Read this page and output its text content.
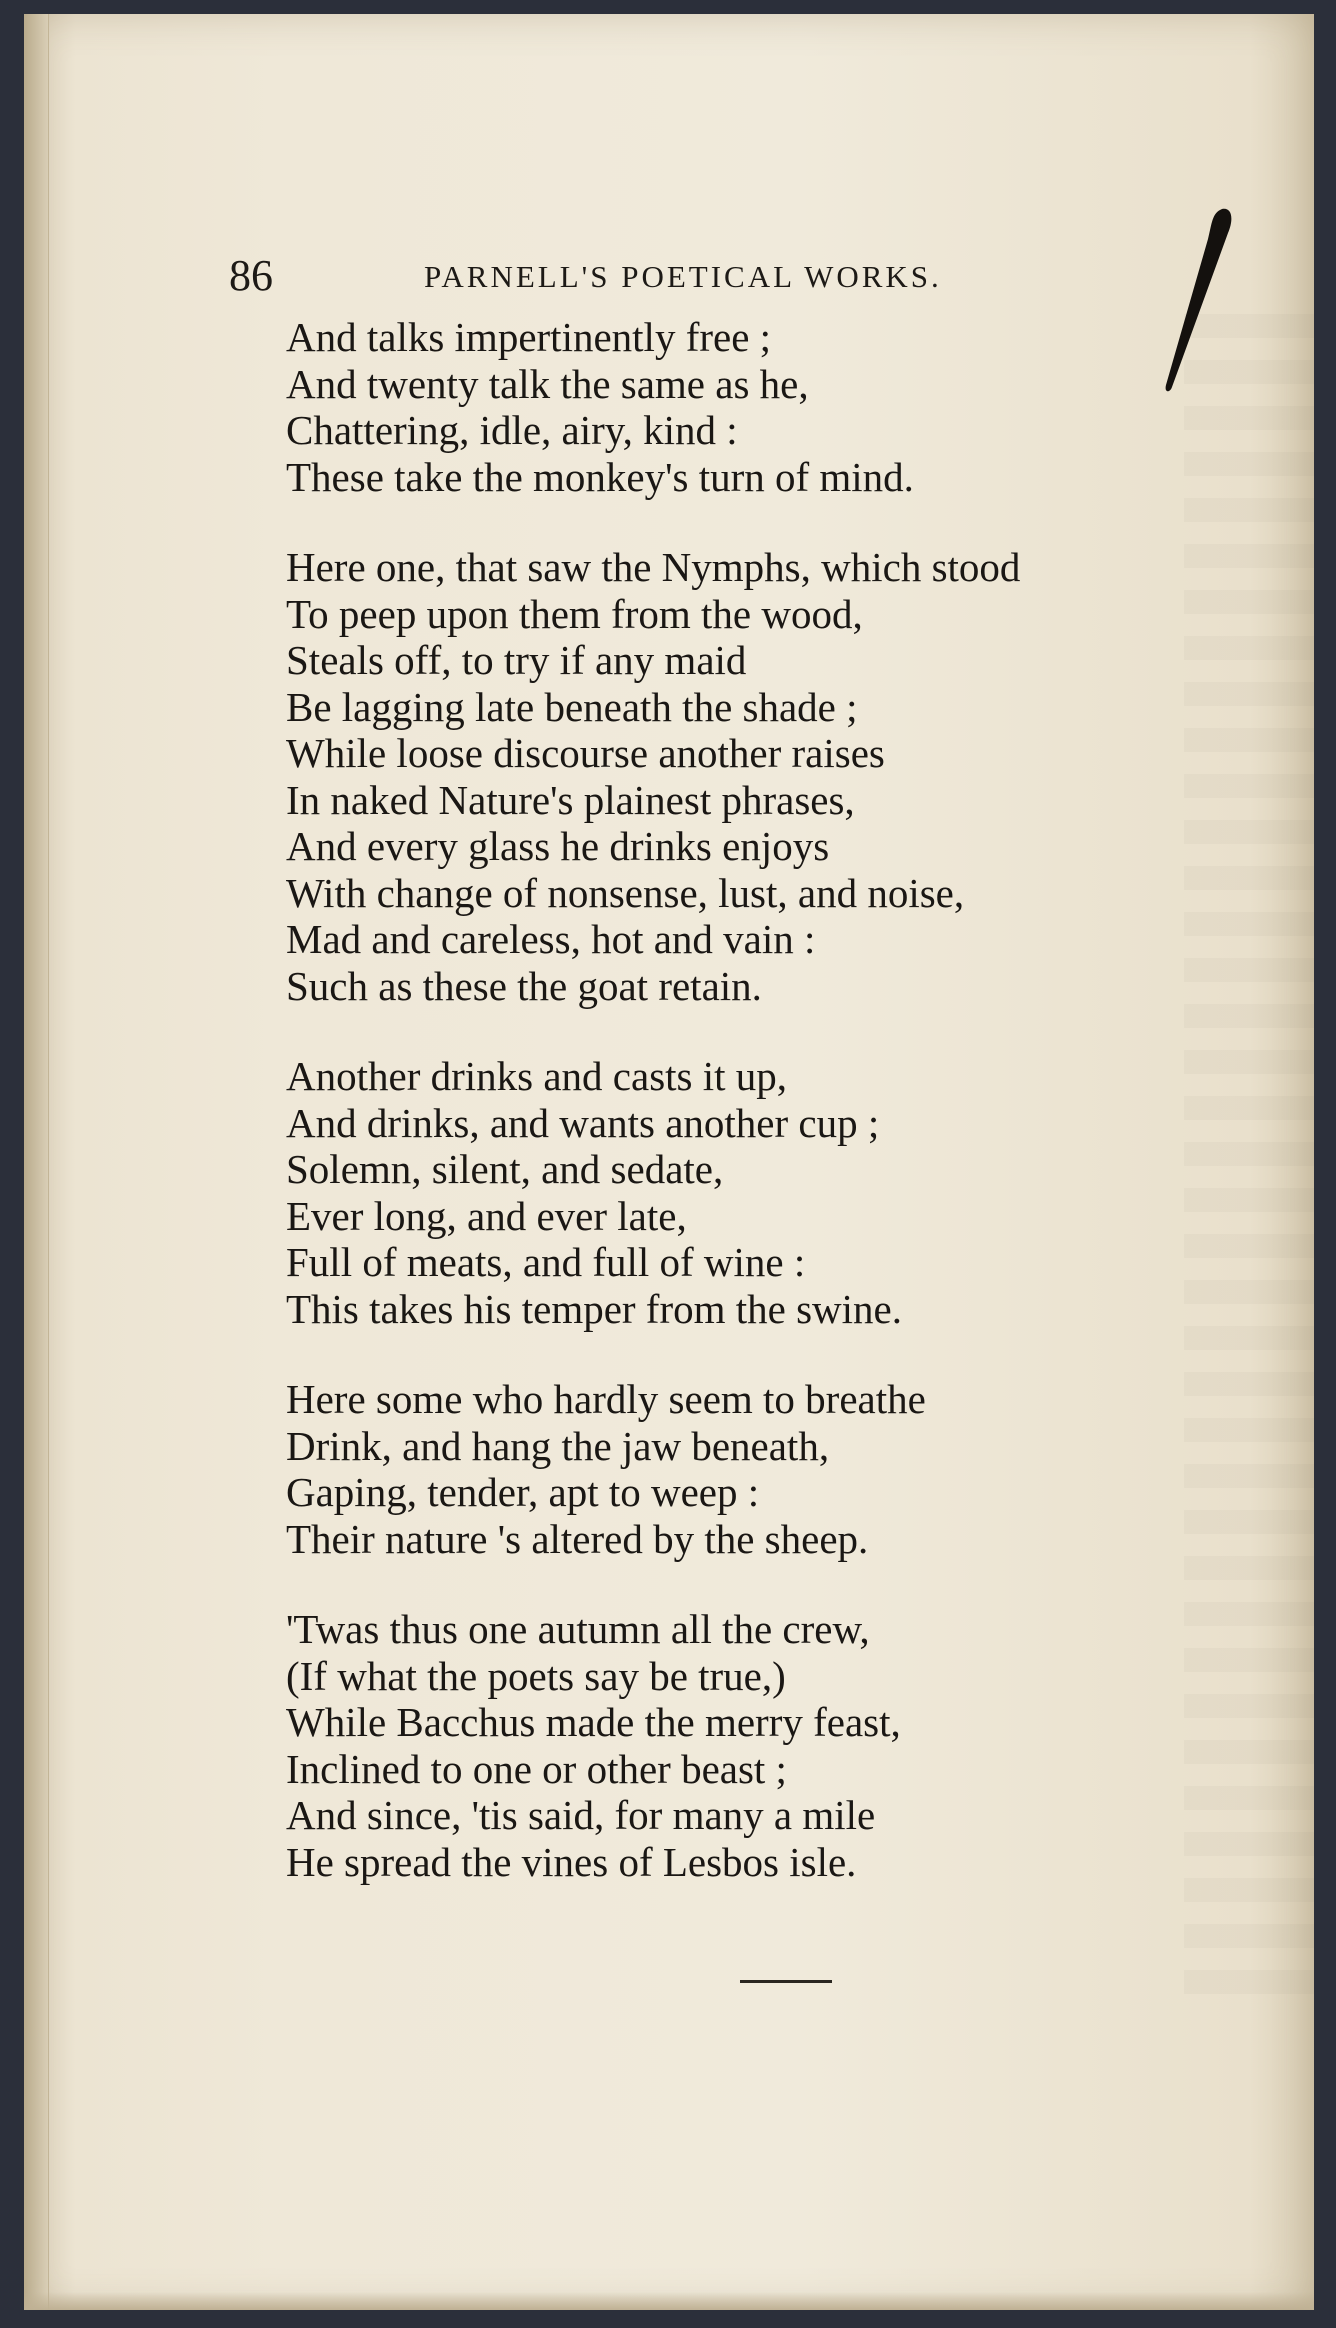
86	PARNELL'S POETICAL WORKS.
And talks impertinently free ;
And twenty talk the same as he,
Chattering, idle, airy, kind :
These take the monkey's turn of mind.
Here one, that saw the Nymphs, which stood
To peep upon them from the wood,
Steals off, to try if any maid
Be lagging late beneath the shade ;
While loose discourse another raises
In naked Nature's plainest phrases,
And every glass he drinks enjoys
With change of nonsense, lust, and noise,
Mad and careless, hot and vain :
Such as these the goat retain.
Another drinks and casts it up,
And drinks, and wants another cup ;
Solemn, silent, and sedate,
Ever long, and ever late,
Full of meats, and full of wine :
This takes his temper from the swine.
Here some who hardly seem to breathe
Drink, and hang the jaw beneath,
Gaping, tender, apt to weep :
Their nature 's altered by the sheep.
'Twas thus one autumn all the crew,
(If what the poets say be true,)
While Bacchus made the merry feast,
Inclined to one or other beast ;
And since, 'tis said, for many a mile
He spread the vines of Lesbos isle.
